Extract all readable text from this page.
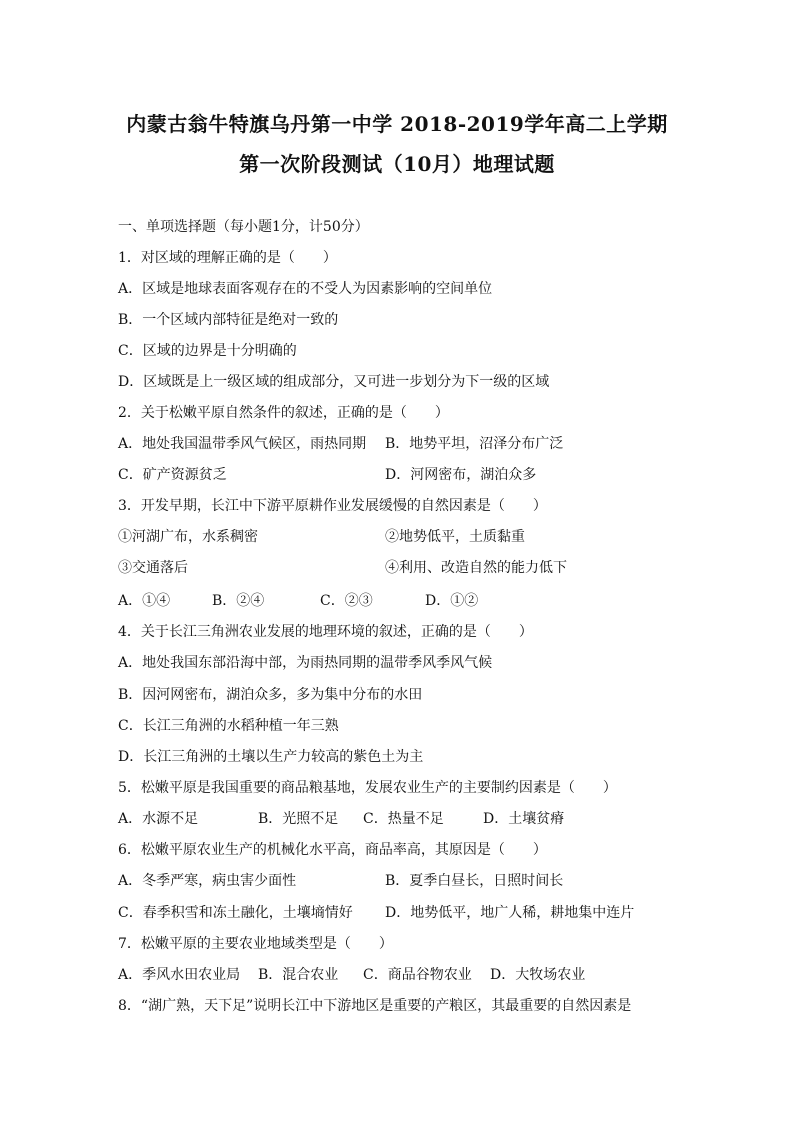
内蒙古翁牛特旗乌丹第一中学 2018-2019学年高二上学期
第一次阶段测试（10月）地理试题
一、单项选择题（每小题1分，计50分）
1．对区域的理解正确的是（　　）
A．区域是地球表面客观存在的不受人为因素影响的空间单位
B．一个区域内部特征是绝对一致的
C．区域的边界是十分明确的
D．区域既是上一级区域的组成部分，又可进一步划分为下一级的区域
2．关于松嫩平原自然条件的叙述，正确的是（　　）
A．地处我国温带季风气候区，雨热同期 B．地势平坦，沼泽分布广泛
C．矿产资源贫乏	D．河网密布，湖泊众多
3．开发早期，长江中下游平原耕作业发展缓慢的自然因素是（　　）
①河湖广布，水系稠密	②地势低平，土质黏重
③交通落后	④利用、改造自然的能力低下
A．①④	B．②④	C．②③	D．①②
4．关于长江三角洲农业发展的地理环境的叙述，正确的是（　　）
A．地处我国东部沿海中部，为雨热同期的温带季风季风气候
B．因河网密布，湖泊众多，多为集中分布的水田
C．长江三角洲的水稻种植一年三熟
D．长江三角洲的土壤以生产力较高的紫色土为主
5．松嫩平原是我国重要的商品粮基地，发展农业生产的主要制约因素是（　　）
A．水源不足	B．光照不足 C．热量不足	D．土壤贫瘠
6．松嫩平原农业生产的机械化水平高，商品率高，其原因是（　　）
A．冬季严寒，病虫害少面性	B．夏季白昼长，日照时间长
C．春季积雪和冻土融化，土壤墒情好 D．地势低平，地广人稀，耕地集中连片
7．松嫩平原的主要农业地域类型是（　　）
A．季风水田农业局 B．混合农业 C．商品谷物农业 D．大牧场农业
8．“湖广熟，天下足”说明长江中下游地区是重要的产粮区，其最重要的自然因素是
